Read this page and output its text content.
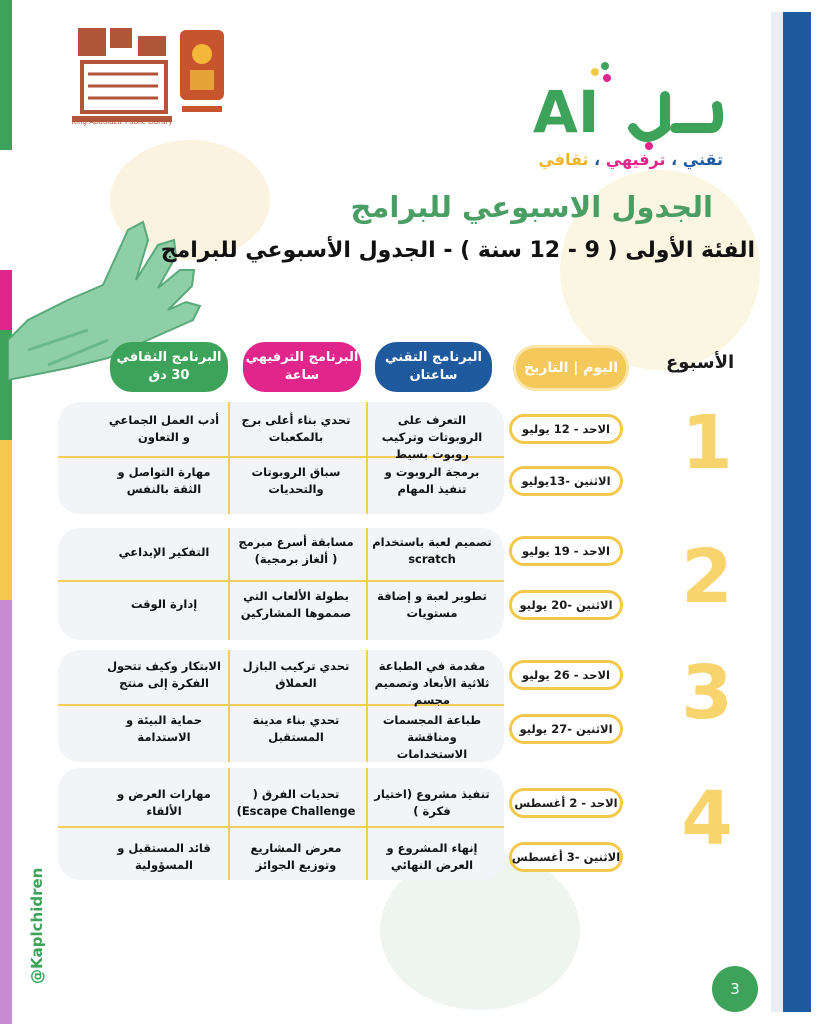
King Abdulaziz Public Library	AI
تقني ، ترفيهي ، ثقافي
الجدول الاسبوعي للبرامج
الفئة الأولى ( 9 - 12 سنة ) - الجدول الأسبوعي للبرامج
الأسبوع
اليوم | التاريخ
البرنامج التقني
ساعتان
البرنامج الترفيهي
ساعة
البرنامج الثقافي
30 دق
1
الاحد - 12 يوليو
التعرف على الروبوتات وتركيب روبوت بسيط
تحدي بناء أعلى برج بالمكعبات
أدب العمل الجماعي و التعاون
الاثنين -13يوليو
برمجة الروبوت و تنفيذ المهام
سباق الروبوتات والتحديات
مهارة التواصل و الثقة بالنفس
2
الاحد - 19 يوليو
تصميم لعبة باستخدام scratch
مسابقة أسرع مبرمج ( ألغاز برمجية)
التفكير الإبداعي
الاثنين -20 يوليو
تطوير لعبة و إضافة مستويات
بطولة الألعاب التي صمموها المشاركين
إدارة الوقت
3
الاحد - 26 يوليو
مقدمة في الطباعة ثلاثية الأبعاد وتصميم مجسم
تحدي تركيب البازل العملاق
الابتكار وكيف تتحول الفكرة إلى منتج
الاثنين -27 يوليو
طباعة المجسمات ومناقشة الاستخدامات
تحدي بناء مدينة المستقبل
حماية البيئة و الاستدامة
4
الاحد - 2 أغسطس
تنفيذ مشروع (اختيار فكرة )
تحديات الفرق ( Escape Challenge)
مهارات العرض و الألقاء
الاثنين -3 أغسطس
إنهاء المشروع و العرض النهائي
معرض المشاريع وتوزيع الجوائز
قائد المستقبل و المسؤولية
@Kaplchidren
3
